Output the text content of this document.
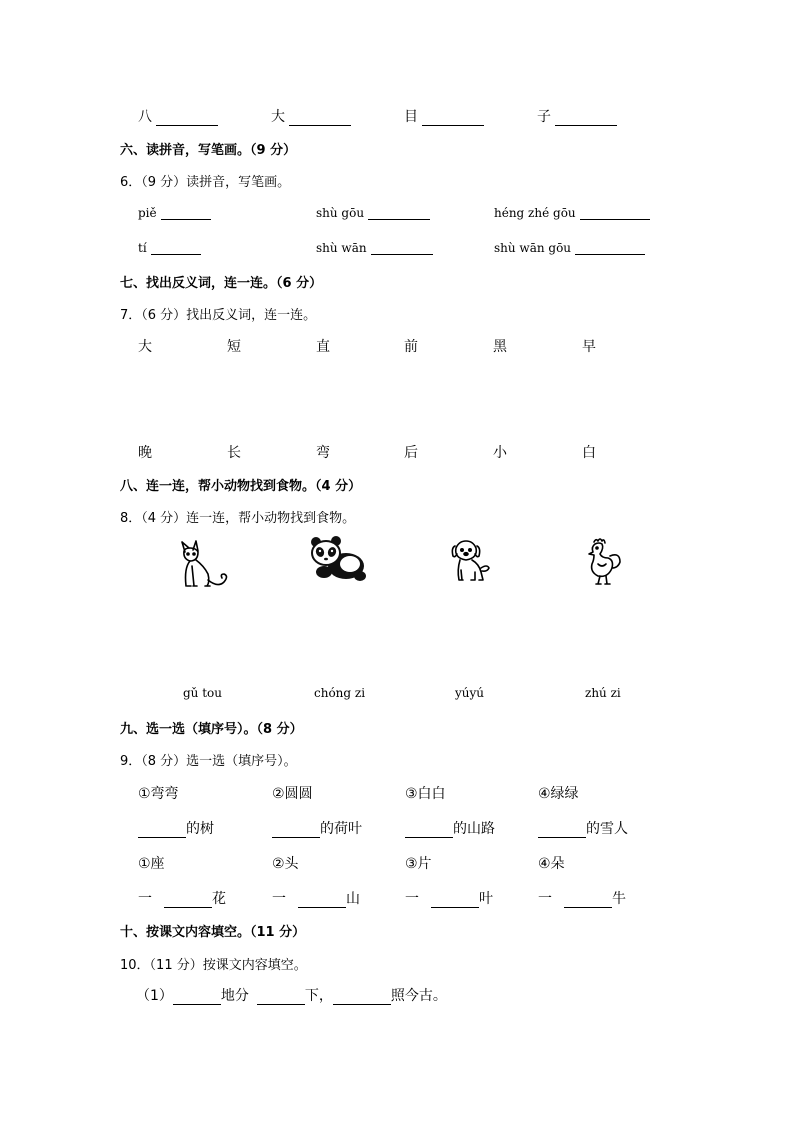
八	大	目	子
六、读拼音，写笔画。（9 分）
6．（9 分）读拼音，写笔画。
piě	shù gōu	héng zhé gōu
tí	shù wān	shù wān gōu
七、找出反义词，连一连。（6 分）
7．（6 分）找出反义词，连一连。
大	短	直	前	黑	早
晚	长	弯	后	小	白
八、连一连，帮小动物找到食物。（4 分）
8．（4 分）连一连，帮小动物找到食物。
gǔ tou	chóng zi	yúyú	zhú zi
九、选一选（填序号）。（8 分）
9．（8 分）选一选（填序号）。
①弯弯	②圆圆	③白白	④绿绿
的树	的荷叶	的山路	的雪人
①座	②头	③片	④朵
一	花	一	山	一	叶	一	牛
十、按课文内容填空。（11 分）
10．（11 分）按课文内容填空。
（1）	地分	下，	照今古。
